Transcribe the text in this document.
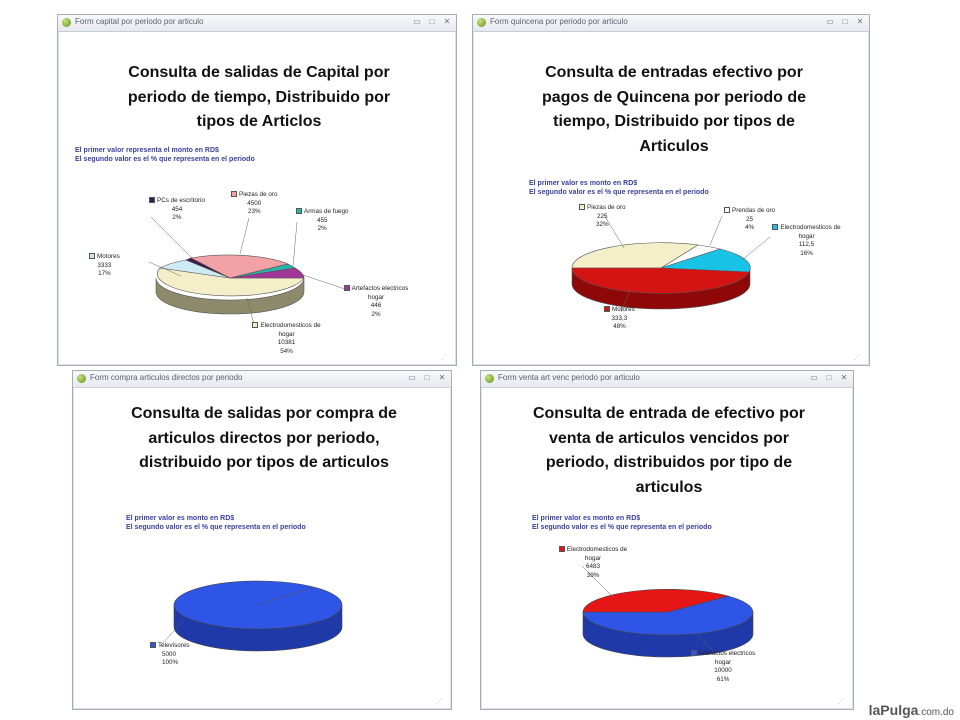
Form capital por periodo por articulo	▭	□	✕
Consulta de salidas de Capital por
periodo de tiempo, Distribuido por
tipos de Articlos
El primer valor representa el monto en RD$
El segundo valor es el % que representa en el periodo
PCs de escritorio
454
2%
Piezas de oro
4500
23%	Armas de fuego
455
2%
Motores
3333
17%
Artefactos electricos hogar
446
2%
Electrodomesticos de hogar
10381
54%
⋰
Form quincena por periodo por articulo	▭	□	✕
Consulta de entradas efectivo por
pagos de Quincena por periodo de
tiempo, Distribuido por tipos de
Articulos
El primer valor es monto en RD$
El segundo valor es el % que representa en el periodo
Piezas de oro
225
32%
Prendas de oro
25
4%	Electrodomesticos de hogar
112,5
16%
Motores
333,3
48%
⋰
Form compra articulos directos por periodo	▭	□	✕
Consulta de salidas por compra de
articulos directos por periodo,
distribuido por tipos de articulos
El primer valor es monto en RD$
El segundo valor es el % que representa en el periodo
Televisores
5000
100%
⋰
Form venta art venc periodo por articulo	▭	□	✕
Consulta de entrada de efectivo por
venta de articulos vencidos por
periodo, distribuidos por tipo de
articulos
El primer valor es monto en RD$
El segundo valor es el % que representa en el periodo
Electrodomesticos de hogar
6483
39%
Artefactos electricos hogar
10000
61%
⋰ laPulga.com.do
